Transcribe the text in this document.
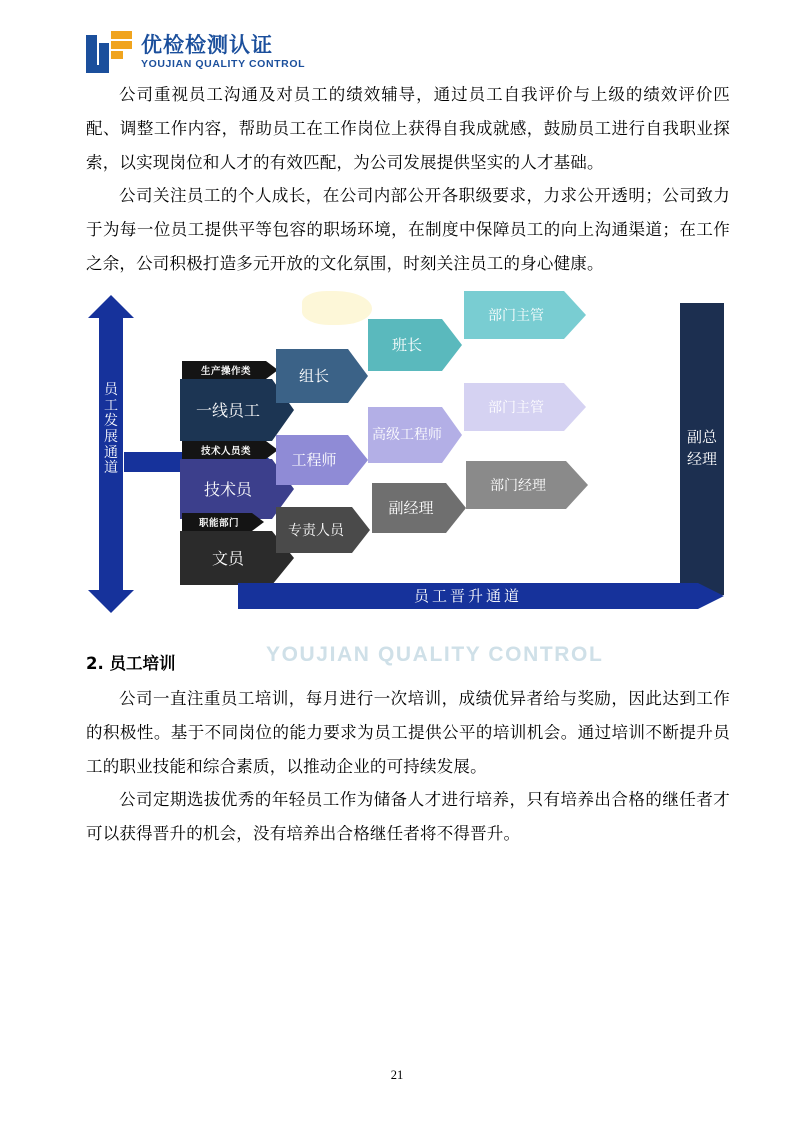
优检检测认证
YOUJIAN QUALITY CONTROL

公司重视员工沟通及对员工的绩效辅导，通过员工自我评价与上级的绩效评价匹配、调整工作内容，帮助员工在工作岗位上获得自我成就感，鼓励员工进行自我职业探索，以实现岗位和人才的有效匹配，为公司发展提供坚实的人才基础。

公司关注员工的个人成长，在公司内部公开各职级要求，力求公开透明；公司致力于为每一位员工提供平等包容的职场环境，在制度中保障员工的向上沟通渠道；在工作之余，公司积极打造多元开放的文化氛围，时刻关注员工的身心健康。

员工发展通道
生产操作类
一线员工
组长
班长
部门主管
技术人员类
技术员
工程师
高级工程师
部门主管
职能部门
文员
专责人员
副经理
部门经理
副总经理
员工晋升通道
YOUJIAN QUALITY CONTROL
2. 员工培训

公司一直注重员工培训，每月进行一次培训，成绩优异者给与奖励，因此达到工作的积极性。基于不同岗位的能力要求为员工提供公平的培训机会。通过培训不断提升员工的职业技能和综合素质，以推动企业的可持续发展。

公司定期选拔优秀的年轻员工作为储备人才进行培养，只有培养出合格的继任者才可以获得晋升的机会，没有培养出合格继任者将不得晋升。

21
